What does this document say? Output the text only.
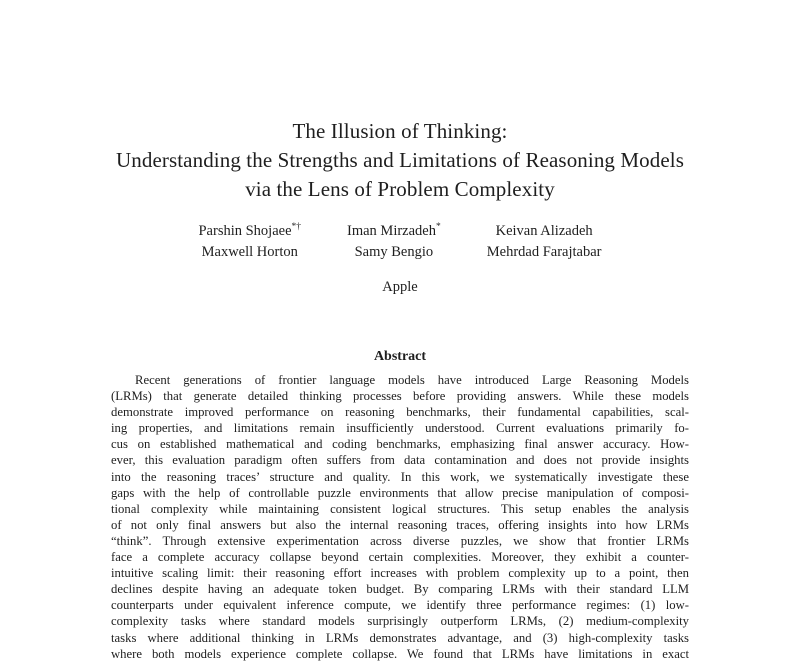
The Illusion of Thinking:
Understanding the Strengths and Limitations of Reasoning Models
via the Lens of Problem Complexity
Parshin Shojaee*†	Iman Mirzadeh*	Keivan Alizadeh
Maxwell Horton	Samy Bengio	Mehrdad Farajtabar
Apple
Abstract
Recent generations of frontier language models have introduced Large Reasoning Models
(LRMs) that generate detailed thinking processes before providing answers. While these models
demonstrate improved performance on reasoning benchmarks, their fundamental capabilities, scal-
ing properties, and limitations remain insufficiently understood. Current evaluations primarily fo-
cus on established mathematical and coding benchmarks, emphasizing final answer accuracy. How-
ever, this evaluation paradigm often suffers from data contamination and does not provide insights
into the reasoning traces’ structure and quality. In this work, we systematically investigate these
gaps with the help of controllable puzzle environments that allow precise manipulation of composi-
tional complexity while maintaining consistent logical structures. This setup enables the analysis
of not only final answers but also the internal reasoning traces, offering insights into how LRMs
“think”. Through extensive experimentation across diverse puzzles, we show that frontier LRMs
face a complete accuracy collapse beyond certain complexities. Moreover, they exhibit a counter-
intuitive scaling limit: their reasoning effort increases with problem complexity up to a point, then
declines despite having an adequate token budget. By comparing LRMs with their standard LLM
counterparts under equivalent inference compute, we identify three performance regimes: (1) low-
complexity tasks where standard models surprisingly outperform LRMs, (2) medium-complexity
tasks where additional thinking in LRMs demonstrates advantage, and (3) high-complexity tasks
where both models experience complete collapse. We found that LRMs have limitations in exact
